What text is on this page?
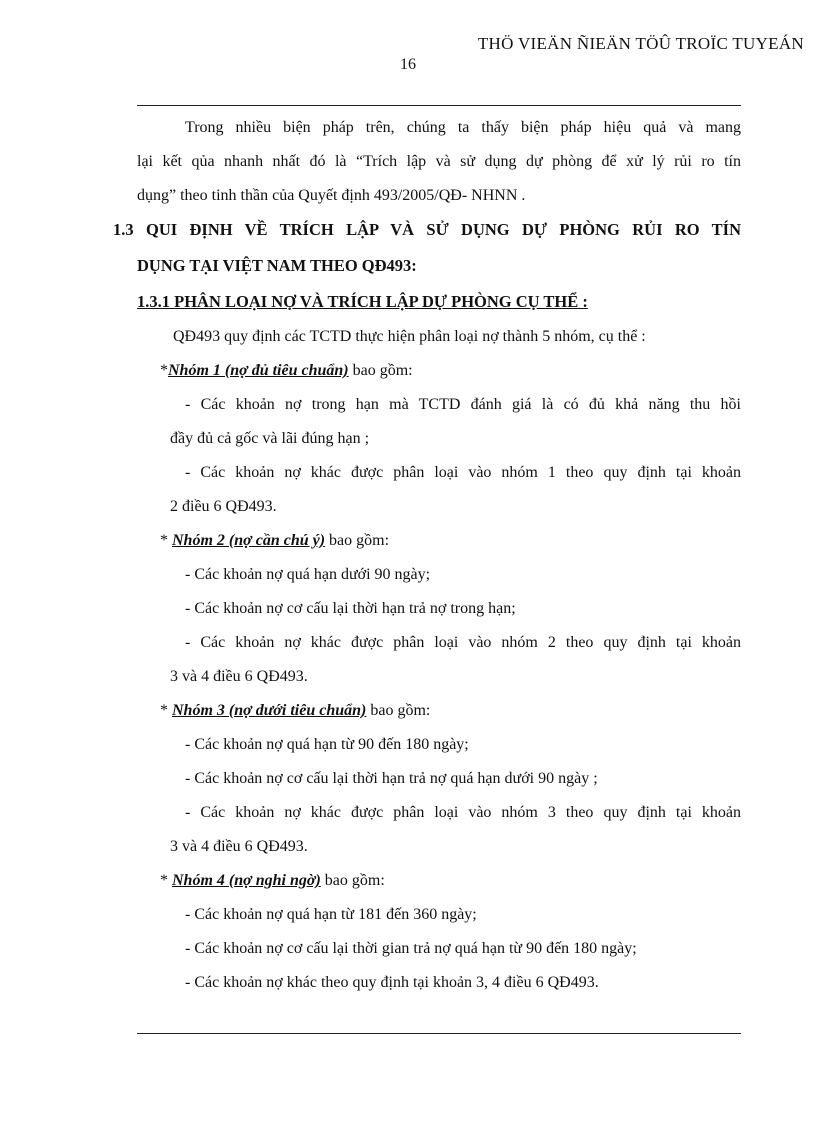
THÖ VIEÄN ÑIEÄN TÖÛ TROÏC TUYEÁN
16
Trong nhiều biện pháp trên, chúng ta thấy biện pháp hiệu quả và mang
lại kết qủa nhanh nhất đó là “Trích lập và sử dụng dự phòng để xử lý rủi ro tín
dụng” theo tinh thần của Quyết định 493/2005/QĐ- NHNN .
1.3 QUI ĐỊNH VỀ TRÍCH LẬP VÀ SỬ DỤNG DỰ PHÒNG RỦI RO TÍN
DỤNG TẠI VIỆT NAM THEO QĐ493:
1.3.1 PHÂN LOẠI NỢ VÀ TRÍCH LẬP DỰ PHÒNG CỤ THỂ :
QĐ493 quy định các TCTD thực hiện phân loại nợ thành 5 nhóm, cụ thể :
*Nhóm 1 (nợ đủ tiêu chuẩn) bao gồm:
- Các khoản nợ trong hạn mà TCTD đánh giá là có đủ khả năng thu hồi
đầy đủ cả gốc và lãi đúng hạn ;
- Các khoản nợ khác được phân loại vào nhóm 1 theo quy định tại khoản
2 điều 6 QĐ493.
* Nhóm 2 (nợ cần chú ý) bao gồm:
- Các khoản nợ quá hạn dưới 90 ngày;
- Các khoản nợ cơ cấu lại thời hạn trả nợ trong hạn;
- Các khoản nợ khác được phân loại vào nhóm 2 theo quy định tại khoản
3 và 4 điều 6 QĐ493.
* Nhóm 3 (nợ dưới tiêu chuẩn) bao gồm:
- Các khoản nợ quá hạn từ 90 đến 180 ngày;
- Các khoản nợ cơ cấu lại thời hạn trả nợ quá hạn dưới 90 ngày ;
- Các khoản nợ khác được phân loại vào nhóm 3 theo quy định tại khoản
3 và 4 điều 6 QĐ493.
* Nhóm 4 (nợ nghi ngờ) bao gồm:
- Các khoản nợ quá hạn từ 181 đến 360 ngày;
- Các khoản nợ cơ cấu lại thời gian trả nợ quá hạn từ 90 đến 180 ngày;
- Các khoản nợ khác theo quy định tại khoản 3, 4 điều 6 QĐ493.
